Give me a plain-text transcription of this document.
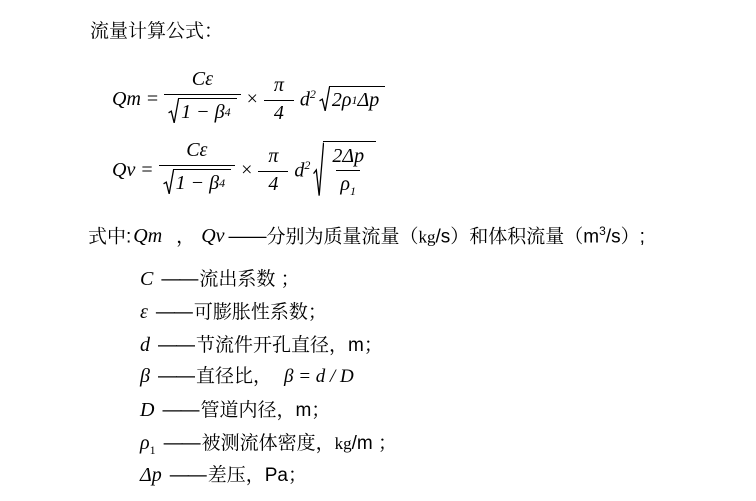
流量计算公式：
$Qm = \frac{C\varepsilon}{1 - \beta 4} \times \frac{\pi}{4} d^2$ 2ρ 1 Δp
$Qv = \frac{C\varepsilon}{1 - \beta 4} \times \frac{\pi}{4} d^2 \frac{2\Delta p}{\rho_1}$
式中: Qm ， Qv ——分别为质量流量（kg/s）和体积流量$(m^3/s)$;
C —— 流出系数 ；
ε —— 可膨胀性系数；
d —— 节流件开孔直径，m；
β —— 直径比， β = d / D
D —— 管道内径，m；
$\rho_1$ —— 被测流体密度，kg/m ；
Δp —— 差压，Pa；
